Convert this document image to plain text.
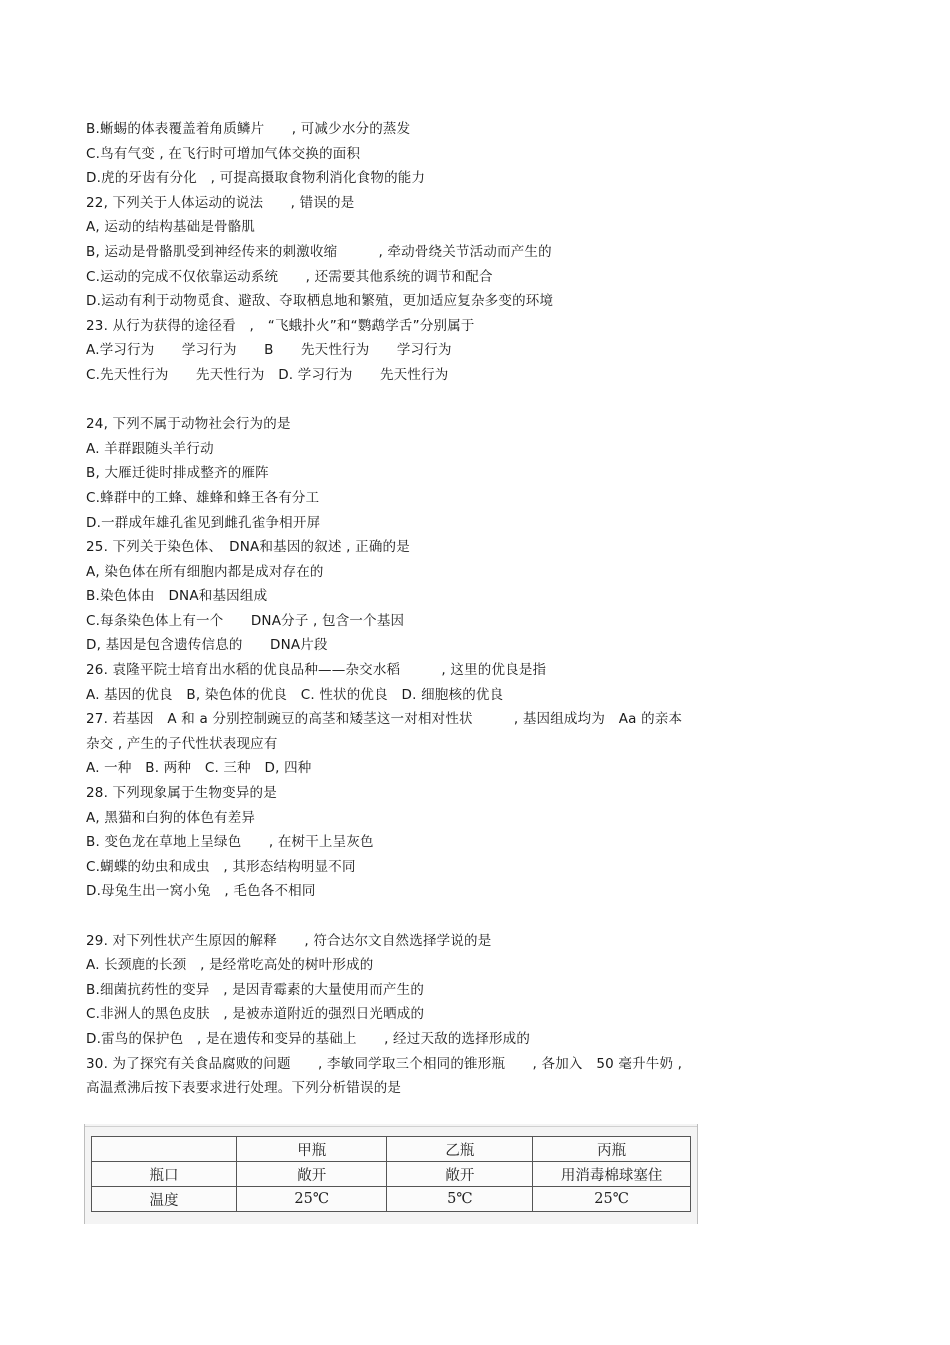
B.蜥蜴的体表覆盖着角质鳞片　　, 可减少水分的蒸发
C.鸟有气变 , 在飞行时可增加气体交换的面积
D.虎的牙齿有分化　, 可提高摄取食物利消化食物的能力
22, 下列关于人体运动的说法　　, 错误的是
A, 运动的结构基础是骨骼肌
B, 运动是骨骼肌受到神经传来的刺激收缩　　　, 牵动骨绕关节活动而产生的
C.运动的完成不仅依靠运动系统　　, 还需要其他系统的调节和配合
D.运动有利于动物觅食、避敌、夺取栖息地和繁殖，更加适应复杂多变的环境
23. 从行为获得的途径看　,　“飞蛾扑火”和“鹦鹉学舌”分别属于
A.学习行为　　学习行为　　B　　先天性行为　　学习行为
C.先天性行为　　先天性行为　D. 学习行为　　先天性行为
24, 下列不属于动物社会行为的是
A. 羊群跟随头羊行动
B, 大雁迁徙时排成整齐的雁阵
C.蜂群中的工蜂、雄蜂和蜂王各有分工
D.一群成年雄孔雀见到雌孔雀争相开屏
25. 下列关于染色体、　DNA和基因的叙述 , 正确的是
A, 染色体在所有细胞内都是成对存在的
B.染色体由　DNA和基因组成
C.每条染色体上有一个　　DNA分子 , 包含一个基因
D, 基因是包含遗传信息的　　DNA片段
26. 袁隆平院士培育出水稻的优良品种——杂交水稻　　　, 这里的优良是指
A. 基因的优良　B, 染色体的优良　C. 性状的优良　D. 细胞核的优良
27. 若基因　A 和 a 分别控制豌豆的高茎和矮茎这一对相对性状　　　, 基因组成均为　Aa 的亲本
杂交 , 产生的子代性状表现应有
A. 一种　B. 两种　C. 三种　D, 四种
28. 下列现象属于生物变异的是
A, 黑猫和白狗的体色有差异
B. 变色龙在草地上呈绿色　　, 在树干上呈灰色
C.蝴蝶的幼虫和成虫　, 其形态结构明显不同
D.母兔生出一窝小兔　, 毛色各不相同
29. 对下列性状产生原因的解释　　, 符合达尔文自然选择学说的是
A. 长颈鹿的长颈　, 是经常吃高处的树叶形成的
B.细菌抗药性的变异　, 是因青霉素的大量使用而产生的
C.非洲人的黑色皮肤　, 是被赤道附近的强烈日光晒成的
D.雷鸟的保护色　, 是在遗传和变异的基础上　　, 经过天敌的选择形成的
30. 为了探究有关食品腐败的问题　　, 李敏同学取三个相同的锥形瓶　　, 各加入　50 毫升牛奶 ,
高温煮沸后按下表要求进行处理。下列分析错误的是
	甲瓶	乙瓶	丙瓶
瓶口	敞开	敞开	用消毒棉球塞住
温度	25℃	5℃	25℃
